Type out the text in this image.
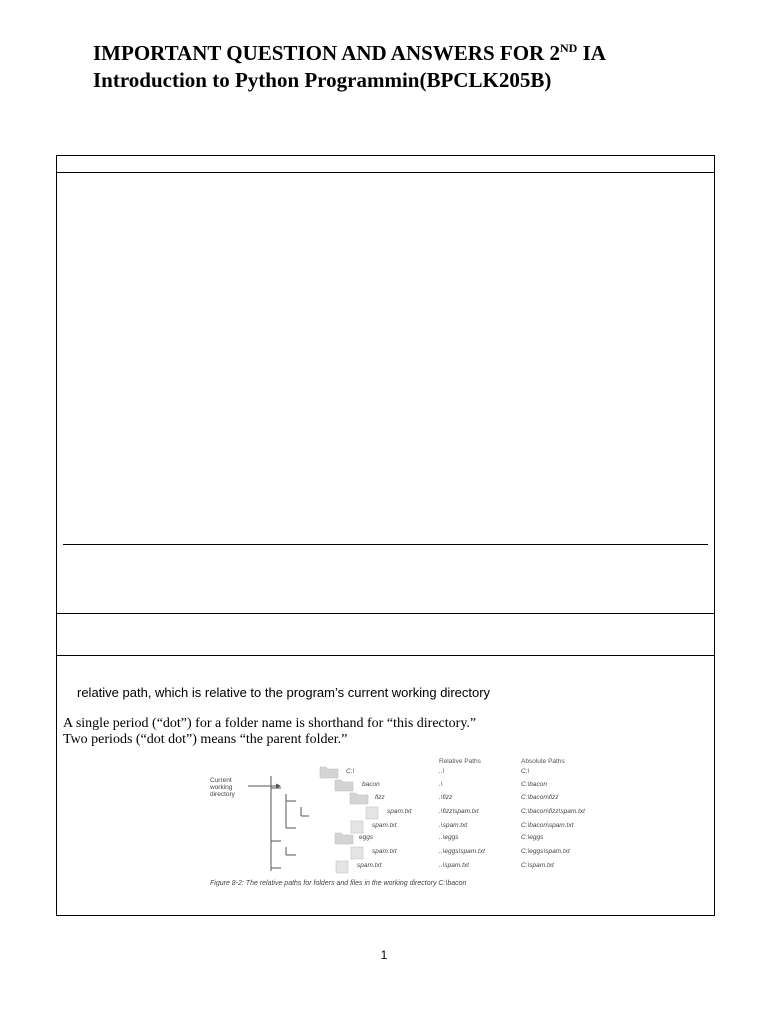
IMPORTANT QUESTION AND ANSWERS FOR 2ND IA
Introduction to Python Programmin(BPCLK205B)
relative path, which is relative to the program’s current working directory
A single period (“dot”) for a folder name is shorthand for “this directory.”
Two periods (“dot dot”) means “the parent folder.”
Current
working
directory
Relative Paths	Absolute Paths
C:\	..\	C:\
bacon	.\	C:\bacon
fizz	.\fizz	C:\bacon\fizz
spam.txt	.\fizz\spam.txt	C:\bacon\fizz\spam.txt
spam.txt	.\spam.txt	C:\bacon\spam.txt
eggs	..\eggs	C:\eggs
spam.txt	..\eggs\spam.txt	C:\eggs\spam.txt
spam.txt	..\spam.txt	C:\spam.txt
Figure 8-2: The relative paths for folders and files in the working directory C:\bacon
1
